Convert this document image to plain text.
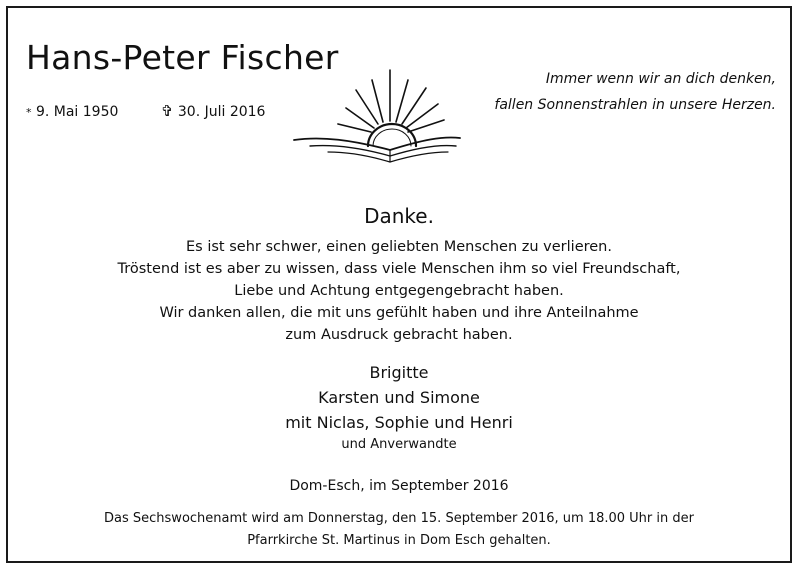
Hans-Peter Fischer
* 9. Mai 1950	✞ 30. Juli 2016
Immer wenn wir an dich denken,
fallen Sonnenstrahlen in unsere Herzen.
Danke.
Es ist sehr schwer, einen geliebten Menschen zu verlieren.
Tröstend ist es aber zu wissen, dass viele Menschen ihm so viel Freundschaft,
Liebe und Achtung entgegengebracht haben.
Wir danken allen, die mit uns gefühlt haben und ihre Anteilnahme
zum Ausdruck gebracht haben.
Brigitte
Karsten und Simone
mit Niclas, Sophie und Henri
und Anverwandte
Dom-Esch, im September 2016
Das Sechswochenamt wird am Donnerstag, den 15. September 2016, um 18.00 Uhr in der
Pfarrkirche St. Martinus in Dom Esch gehalten.
